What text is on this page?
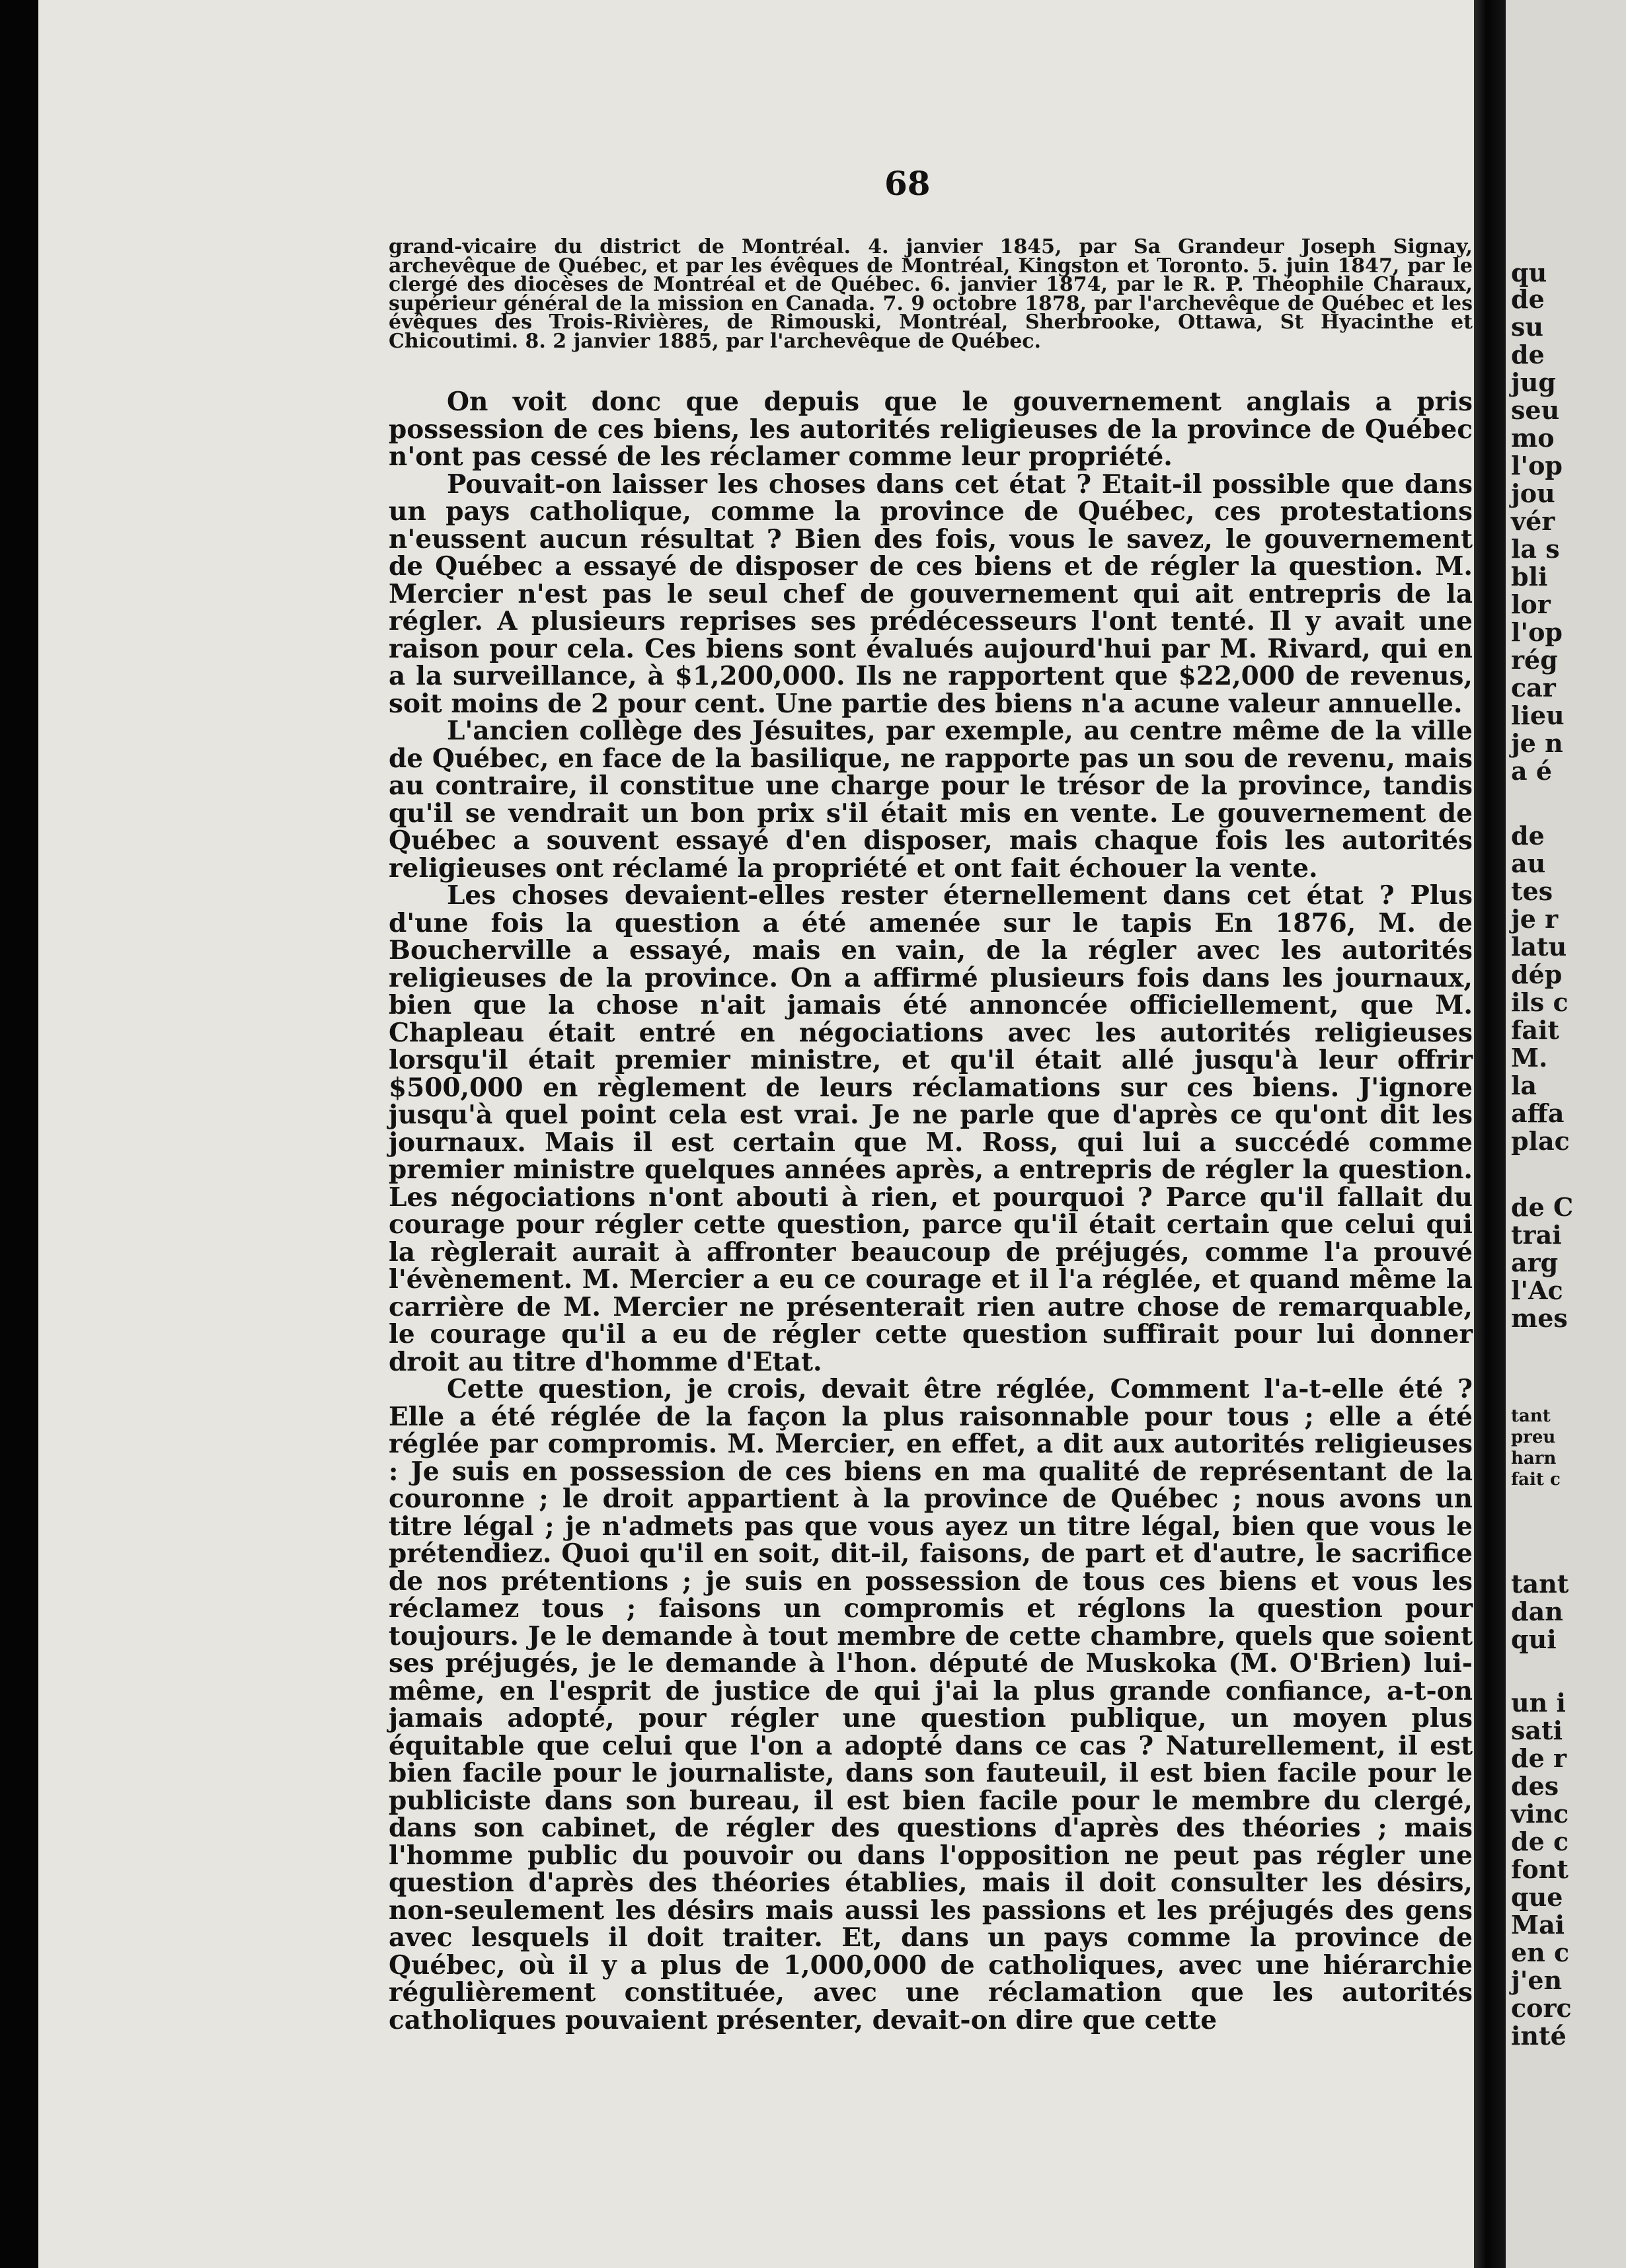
68

grand-vicaire du district de Montréal. 4. janvier 1845, par Sa Grandeur Joseph Signay, archevêque de Québec, et par les évêques de Montréal, Kingston et Toronto. 5. juin 1847, par le clergé des diocèses de Montréal et de Québec. 6. janvier 1874, par le R. P. Théophile Charaux, supérieur général de la mission en Canada. 7. 9 octobre 1878, par l'archevêque de Québec et les évêques des Trois-Rivières, de Rimouski, Montréal, Sherbrooke, Ottawa, St Hyacinthe et Chicoutimi. 8. 2 janvier 1885, par l'archevêque de Québec.

On voit donc que depuis que le gouvernement anglais a pris possession de ces biens, les autorités religieuses de la province de Québec n'ont pas cessé de les réclamer comme leur propriété.

Pouvait-on laisser les choses dans cet état ? Etait-il possible que dans un pays catholique, comme la province de Québec, ces protestations n'eussent aucun résultat ? Bien des fois, vous le savez, le gouvernement de Québec a essayé de disposer de ces biens et de régler la question. M. Mercier n'est pas le seul chef de gouvernement qui ait entrepris de la régler. A plusieurs reprises ses prédécesseurs l'ont tenté. Il y avait une raison pour cela. Ces biens sont évalués aujourd'hui par M. Rivard, qui en a la surveillance, à $1,200,000. Ils ne rapportent que $22,000 de revenus, soit moins de 2 pour cent. Une partie des biens n'a acune valeur annuelle.

L'ancien collège des Jésuites, par exemple, au centre même de la ville de Québec, en face de la basilique, ne rapporte pas un sou de revenu, mais au contraire, il constitue une charge pour le trésor de la province, tandis qu'il se vendrait un bon prix s'il était mis en vente. Le gouvernement de Québec a souvent essayé d'en disposer, mais chaque fois les autorités religieuses ont réclamé la propriété et ont fait échouer la vente.

Les choses devaient-elles rester éternellement dans cet état ? Plus d'une fois la question a été amenée sur le tapis En 1876, M. de Boucherville a essayé, mais en vain, de la régler avec les autorités religieuses de la province. On a affirmé plusieurs fois dans les journaux, bien que la chose n'ait jamais été annoncée officiellement, que M. Chapleau était entré en négociations avec les autorités religieuses lorsqu'il était premier ministre, et qu'il était allé jusqu'à leur offrir $500,000 en règlement de leurs réclamations sur ces biens. J'ignore jusqu'à quel point cela est vrai. Je ne parle que d'après ce qu'ont dit les journaux. Mais il est certain que M. Ross, qui lui a succédé comme premier ministre quelques années après, a entrepris de régler la question. Les négociations n'ont abouti à rien, et pourquoi ? Parce qu'il fallait du courage pour régler cette question, parce qu'il était certain que celui qui la règlerait aurait à affronter beaucoup de préjugés, comme l'a prouvé l'évènement. M. Mercier a eu ce courage et il l'a réglée, et quand même la carrière de M. Mercier ne présenterait rien autre chose de remarquable, le courage qu'il a eu de régler cette question suffirait pour lui donner droit au titre d'homme d'Etat.

Cette question, je crois, devait être réglée, Comment l'a-t-elle été ? Elle a été réglée de la façon la plus raisonnable pour tous ; elle a été réglée par compromis. M. Mercier, en effet, a dit aux autorités religieuses : Je suis en possession de ces biens en ma qualité de représentant de la couronne ; le droit appartient à la province de Québec ; nous avons un titre légal ; je n'admets pas que vous ayez un titre légal, bien que vous le prétendiez. Quoi qu'il en soit, dit-il, faisons, de part et d'autre, le sacrifice de nos prétentions ; je suis en possession de tous ces biens et vous les réclamez tous ; faisons un compromis et réglons la question pour toujours. Je le demande à tout membre de cette chambre, quels que soient ses préjugés, je le demande à l'hon. député de Muskoka (M. O'Brien) lui-même, en l'esprit de justice de qui j'ai la plus grande confiance, a-t-on jamais adopté, pour régler une question publique, un moyen plus équitable que celui que l'on a adopté dans ce cas ? Naturellement, il est bien facile pour le journaliste, dans son fauteuil, il est bien facile pour le publiciste dans son bureau, il est bien facile pour le membre du clergé, dans son cabinet, de régler des questions d'après des théories ; mais l'homme public du pouvoir ou dans l'opposition ne peut pas régler une question d'après des théories établies, mais il doit consulter les désirs, non-seulement les désirs mais aussi les passions et les préjugés des gens avec lesquels il doit traiter. Et, dans un pays comme la province de Québec, où il y a plus de 1,000,000 de catholiques, avec une hiérarchie régulièrement constituée, avec une réclamation que les autorités catholiques pouvaient présenter, devait-on dire que cette

qu
de
su
de
jug
seu
mo
l'op
jou
vér
la s
bli
lor
l'op
rég
car
lieu
je n
a é
de
au
tes
je r
latu
dép
ils c
fait
M.
la
affa
plac
de C
trai
arg
l'Ac
mes
tant
preu
harn
fait c
tant
dan
qui
un i
sati
de r
des
vinc
de c
font
que
Mai
en c
j'en
corc
inté
